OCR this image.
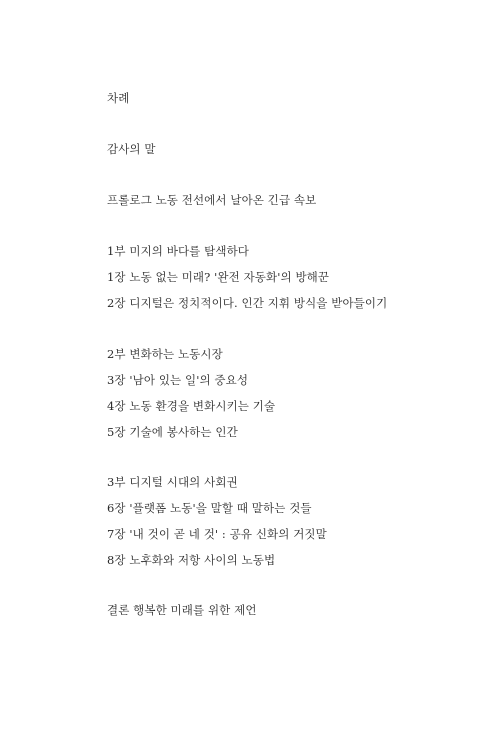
차례
감사의 말
프롤로그 노동 전선에서 날아온 긴급 속보
1부 미지의 바다를 탐색하다
1장 노동 없는 미래? '완전 자동화'의 방해꾼
2장 디지털은 정치적이다. 인간 지휘 방식을 받아들이기
2부 변화하는 노동시장
3장 '남아 있는 일'의 중요성
4장 노동 환경을 변화시키는 기술
5장 기술에 봉사하는 인간
3부 디지털 시대의 사회권
6장 '플랫폼 노동'을 말할 때 말하는 것들
7장 '내 것이 곧 네 것' : 공유 신화의 거짓말
8장 노후화와 저항 사이의 노동법
결론 행복한 미래를 위한 제언
